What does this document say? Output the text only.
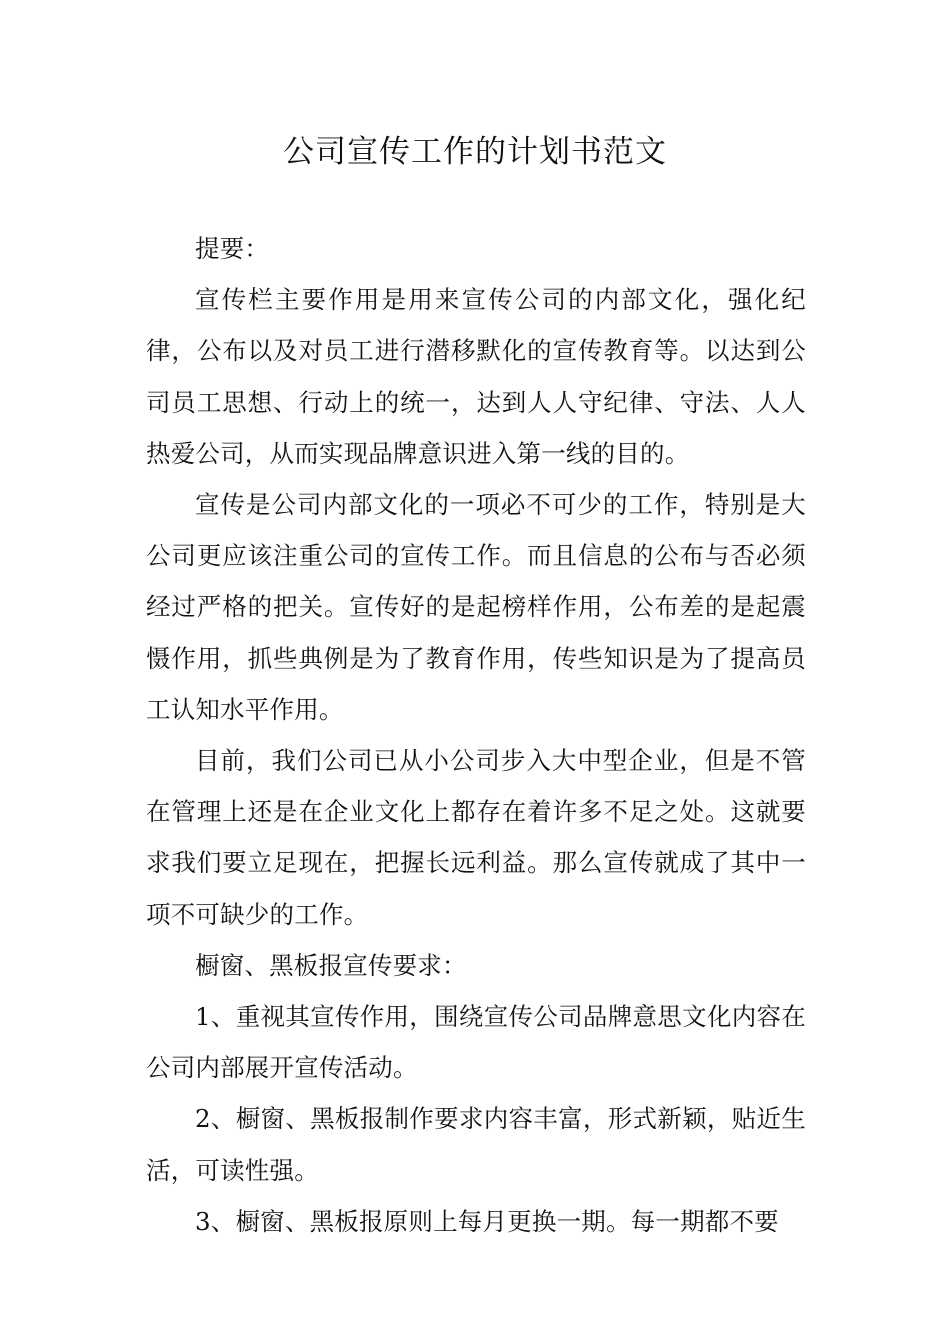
公司宣传工作的计划书范文

提要：

宣传栏主要作用是用来宣传公司的内部文化，强化纪律，公布以及对员工进行潜移默化的宣传教育等。以达到公司员工思想、行动上的统一，达到人人守纪律、守法、人人热爱公司，从而实现品牌意识进入第一线的目的。

宣传是公司内部文化的一项必不可少的工作，特别是大公司更应该注重公司的宣传工作。而且信息的公布与否必须经过严格的把关。宣传好的是起榜样作用，公布差的是起震慑作用，抓些典例是为了教育作用，传些知识是为了提高员工认知水平作用。

目前，我们公司已从小公司步入大中型企业，但是不管在管理上还是在企业文化上都存在着许多不足之处。这就要求我们要立足现在，把握长远利益。那么宣传就成了其中一项不可缺少的工作。

橱窗、黑板报宣传要求：

1、重视其宣传作用，围绕宣传公司品牌意思文化内容在公司内部展开宣传活动。

2、橱窗、黑板报制作要求内容丰富，形式新颖，贴近生活，可读性强。

3、橱窗、黑板报原则上每月更换一期。每一期都不要
